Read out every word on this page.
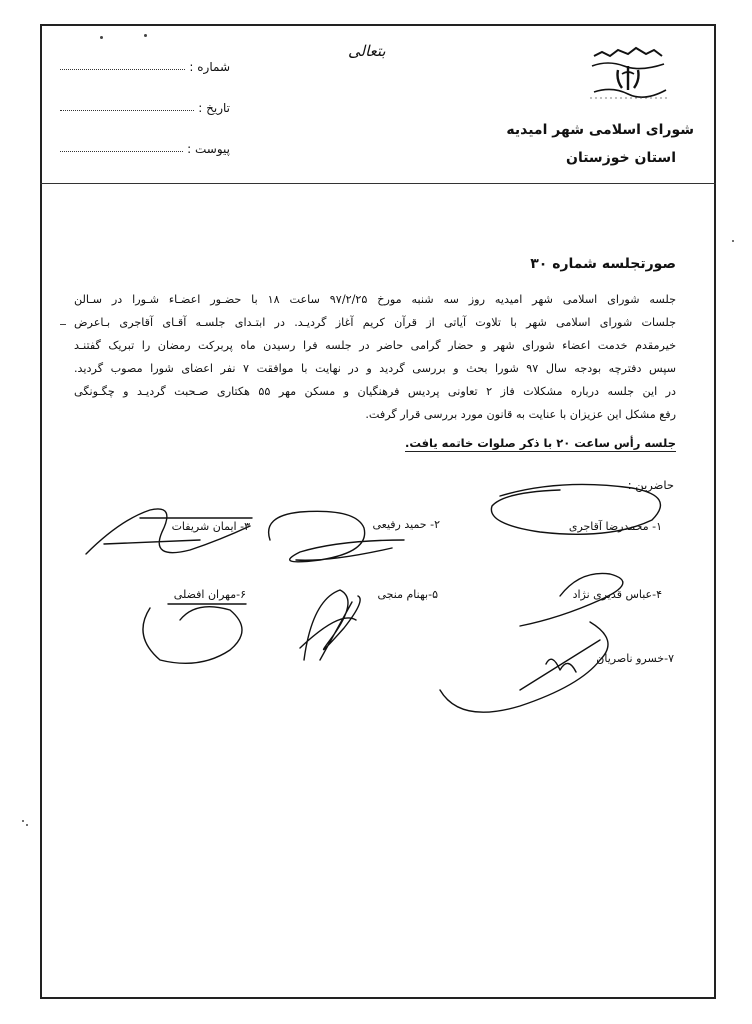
بتعالی
شماره :
تاریخ :
پیوست :
شورای اسلامی شهر امیدیه
استان خوزستان
صورتجلسه شماره ۳۰
جلسه شورای اسلامی شهر امیدیه روز سه شنبه مورخ ۹۷/۲/۲۵ ساعت ۱۸ با حضـور اعضـاء شـورا در سـالن
جلسات شورای اسلامی شهر با تلاوت آیاتی از قرآن کریم آغاز گردیـد. در ابتـدای جلسـه آقـای آقاجری بـاعرض
خیرمقدم خدمت اعضاء شورای شهر و حضار گرامی حاضر در جلسه فرا رسیدن ماه پربرکت رمضان را تبریک گفتنـد
سپس دفترچه بودجه سال ۹۷ شورا بحث و بررسی گردید و در نهایت با موافقت ۷ نفر اعضای شورا مصوب گردید.
در این جلسه درباره مشکلات فاز ۲ تعاونی پردیس فرهنگیان و مسکن مهر ۵۵ هکتاری صـحبت گردیـد و چگـونگی
رفع مشکل این عزیزان با عنایت به قانون مورد بررسی قرار گرفت.
جلسه رأس ساعت ۲۰ با ذکر صلوات خاتمه یافت.
حاضرین :
۱- محمدرضا آقاجری
۲- حمید رفیعی
۳- ایمان شریفات
۴-عباس قدیری نژاد
۵-بهنام منجی
۶-مهران افضلی
۷-خسرو ناصریان
